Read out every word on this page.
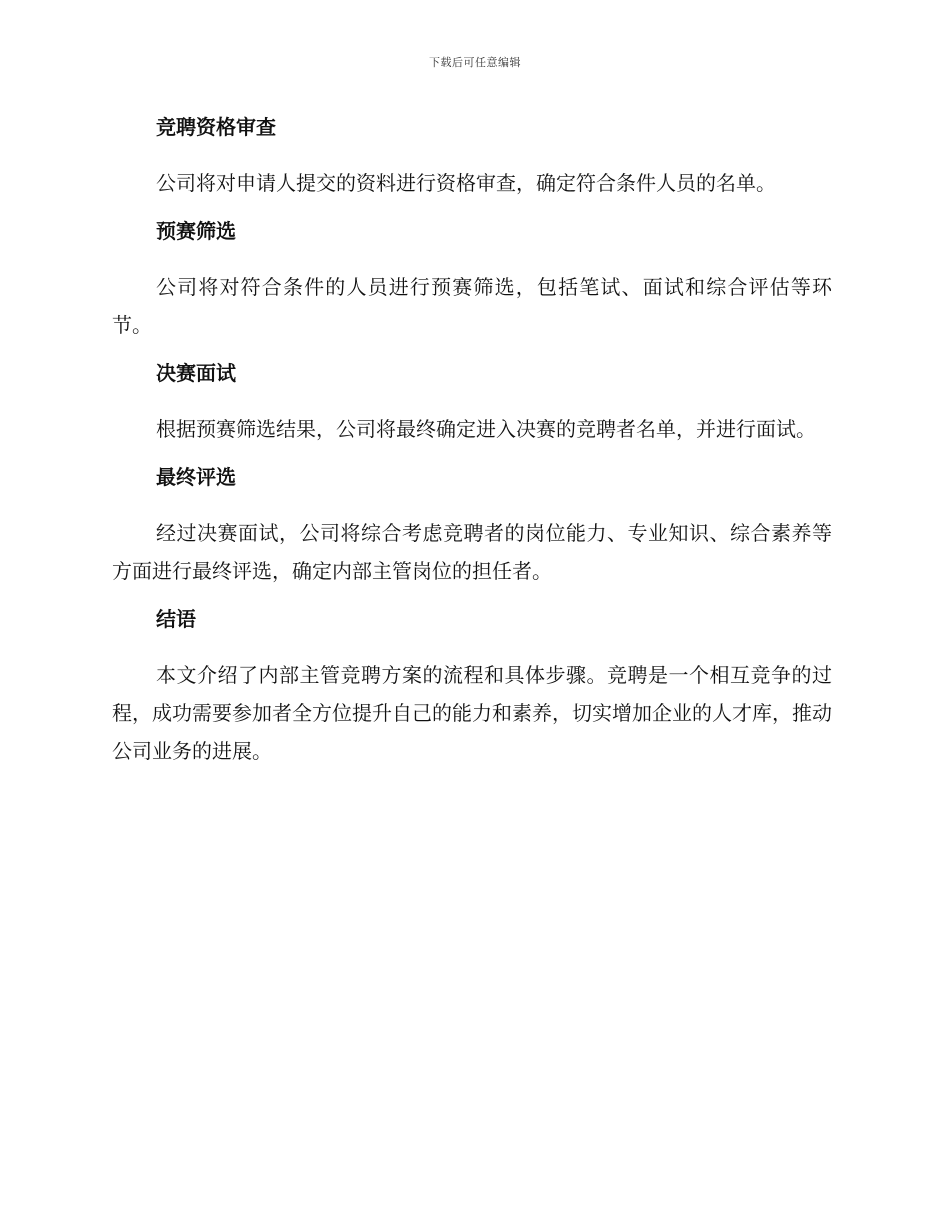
下载后可任意编辑
竞聘资格审查

公司将对申请人提交的资料进行资格审查，确定符合条件人员的名单。

预赛筛选

公司将对符合条件的人员进行预赛筛选，包括笔试、面试和综合评估等环节。

决赛面试

根据预赛筛选结果，公司将最终确定进入决赛的竞聘者名单，并进行面试。

最终评选

经过决赛面试，公司将综合考虑竞聘者的岗位能力、专业知识、综合素养等方面进行最终评选，确定内部主管岗位的担任者。

结语

本文介绍了内部主管竞聘方案的流程和具体步骤。竞聘是一个相互竞争的过程，成功需要参加者全方位提升自己的能力和素养，切实增加企业的人才库，推动公司业务的进展。
